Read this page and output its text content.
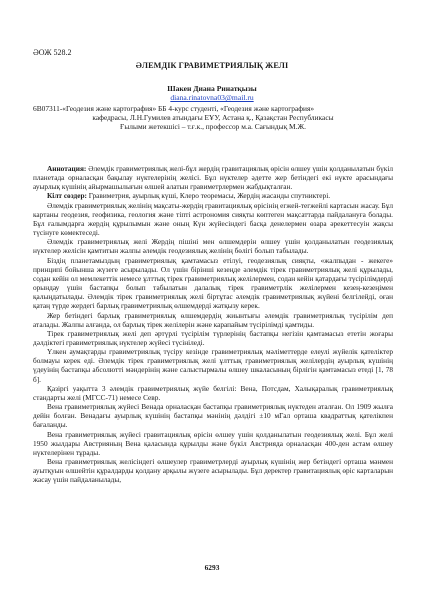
ӘОЖ 528.2
ӘЛЕМДІК ГРАВИМЕТРИЯЛЫҚ ЖЕЛІ
Шакен Диана Ринатқызы
diana.rinatovna03@mail.ru
6В07311-«Геодезия және картография» ББ 4-курс студенті, «Геодезия және картография»
кафедрасы, Л.Н.Гумилев атындағы ЕҰУ, Астана қ., Қазақстан Республикасы
Ғылыми жетекшісі – т.ғ.к., профессор м.а. Сағындық М.Ж.

Аннотация: Әлемдік гравиметриялық желі-бұл жердің гравитациялық өрісін өлшеу үшін қолданылатын бүкіл планетада орналасқан бақылау нүктелерінің желісі. Бұл нүктелер әдетте жер бетіндегі екі нүкте арасындағы ауырлық күшінің айырмашылығын өлшей алатын гравиметрлермен жабдықталған.

Кілт сөздер: Гравиметрия, ауырлық күші, Клеро теоремасы, Жердің жасанды спутниктері.

Әлемдік гравиметриялық желінің мақсаты-жердің гравитациялық өрісінің егжей-тегжейлі картасын жасау. Бұл картаны геодезия, геофизика, геология және тіпті астрономия сияқты көптеген мақсаттарда пайдалануға болады. Бұл ғалымдарға жердің құрылымын және оның Күн жүйесіндегі басқа денелермен өзара әрекеттесуін жақсы түсінуге көмектеседі.

Әлемдік гравиметриялық желі Жердің пішіні мен өлшемдерін өлшеу үшін қолданылатын геодезиялық нүктелер желісін қамтитын жалпы әлемдік геодезиялық желінің бөлігі болып табылады.

Біздің планетамыздың гравиметриялық қамтамасыз етілуі, геодезиялық сияқты, «жалпыдан - жекеге» принципі бойынша жүзеге асырылады. Ол үшін бірінші кезеңде әлемдік тірек гравиметриялық желі құрылады, содан кейін ол мемлекеттік немесе ұлттық тірек гравиметриялық желілермен, содан кейін қатардағы түсірілімдерді орындау үшін бастапқы болып табылатын далалық тірек гравиметрлік желілермен кезең-кезеңімен қалыңдатылады. Әлемдік тірек гравиметриялық желі біртұтас әлемдік гравиметриялық жүйені белгілейді, оған қатаң түрде жердегі барлық гравиметриялық өлшемдерді жатқызу керек.

Жер бетіндегі барлық гравиметриялық өлшемдердің жиынтығы әлемдік гравиметриялық түсірілім деп аталады. Жалпы алғанда, ол барлық тірек желілерін және карапайым түсірілімді қамтиды.

Тірек гравиметриялық желі деп әртүрлі түсірілім түрлерінің бастапқы негізін қамтамасыз ететін жоғары дәлдіктегі гравиметриялық нүктелер жүйесі түсініледі.

Үлкен аумақтарды гравиметриялық түсіру кезінде гравиметриялық мәліметтерде елеулі жүйелік қателіктер болмауы керек еді. Әлемдік тірек гравиметриялық желі ұлттық гравиметриялық желілердің ауырлық күшінің үдеуінің бастапқы абсолютті мәндерінің және салыстырмалы өлшеу шкаласының бірлігін қамтамасыз етеді [1, 78 б].

Қазіргі уақытта 3 әлемдік гравиметриялық жүйе белгілі: Вена, Потсдам, Халықаралық гравиметриялық стандарты желі (МГСС-71) немесе Севр.

Вена гравиметриялық жүйесі Венада орналасқан бастапқы гравиметриялық нүктеден аталған. Ол 1909 жылға дейін болған. Венадағы ауырлық күшінің бастапқы мәнінің дәлдігі ±10 мГал орташа квадраттық қателікпен бағаланды.

Вена гравиметриялық жүйесі гравитациялық өрісін өлшеу үшін қолданылатын геодезиялық желі. Бұл желі 1950 жылдары Австрияның Вена қаласында құрылды және бүкіл Австрияда орналасқан 400-ден астам өлшеу нүктелерінен тұрады.

Вена гравиметриялық желісіндегі өлшеулер гравиметрлерді ауырлық күшінің жер бетіндегі орташа мәнмен ауытқуын өлшейтін құралдарды қолдану арқылы жүзеге асырылады. Бұл деректер гравитациялық өріс карталарын жасау үшін пайдаланылады,

6293
